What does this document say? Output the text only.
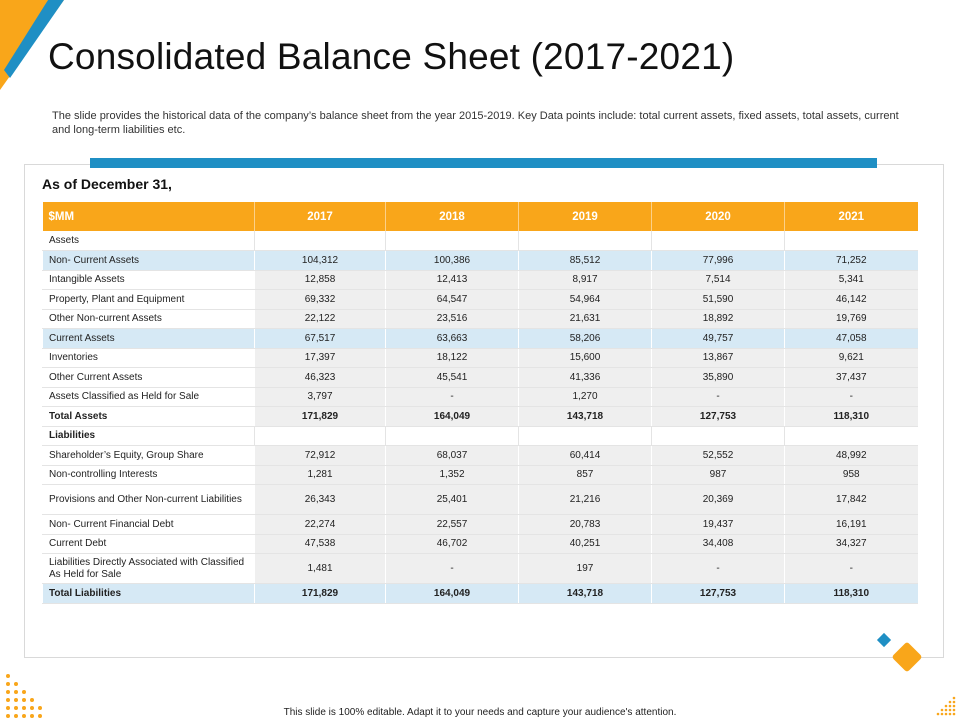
Consolidated Balance Sheet (2017-2021)

The slide provides the historical data of the company’s balance sheet from the year 2015-2019. Key Data points include: total current assets, fixed assets, total assets, current and long-term liabilities etc.

As of December 31,
$MM	2017	2018	2019	2020	2021
Assets					
Non- Current Assets	104,312	100,386	85,512	77,996	71,252
Intangible Assets	12,858	12,413	8,917	7,514	5,341
Property, Plant and Equipment	69,332	64,547	54,964	51,590	46,142
Other Non-current Assets	22,122	23,516	21,631	18,892	19,769
Current Assets	67,517	63,663	58,206	49,757	47,058
Inventories	17,397	18,122	15,600	13,867	9,621
Other Current Assets	46,323	45,541	41,336	35,890	37,437
Assets Classified as Held for Sale	3,797	-	1,270	-	-
Total Assets	171,829	164,049	143,718	127,753	118,310
Liabilities					
Shareholder’s Equity, Group Share	72,912	68,037	60,414	52,552	48,992
Non-controlling Interests	1,281	1,352	857	987	958
Provisions and Other Non-current Liabilities	26,343	25,401	21,216	20,369	17,842
Non- Current Financial Debt	22,274	22,557	20,783	19,437	16,191
Current Debt	47,538	46,702	40,251	34,408	34,327
Liabilities Directly Associated with Classified As Held for Sale	1,481	-	197	-	-
Total Liabilities	171,829	164,049	143,718	127,753	118,310
This slide is 100% editable. Adapt it to your needs and capture your audience's attention.
